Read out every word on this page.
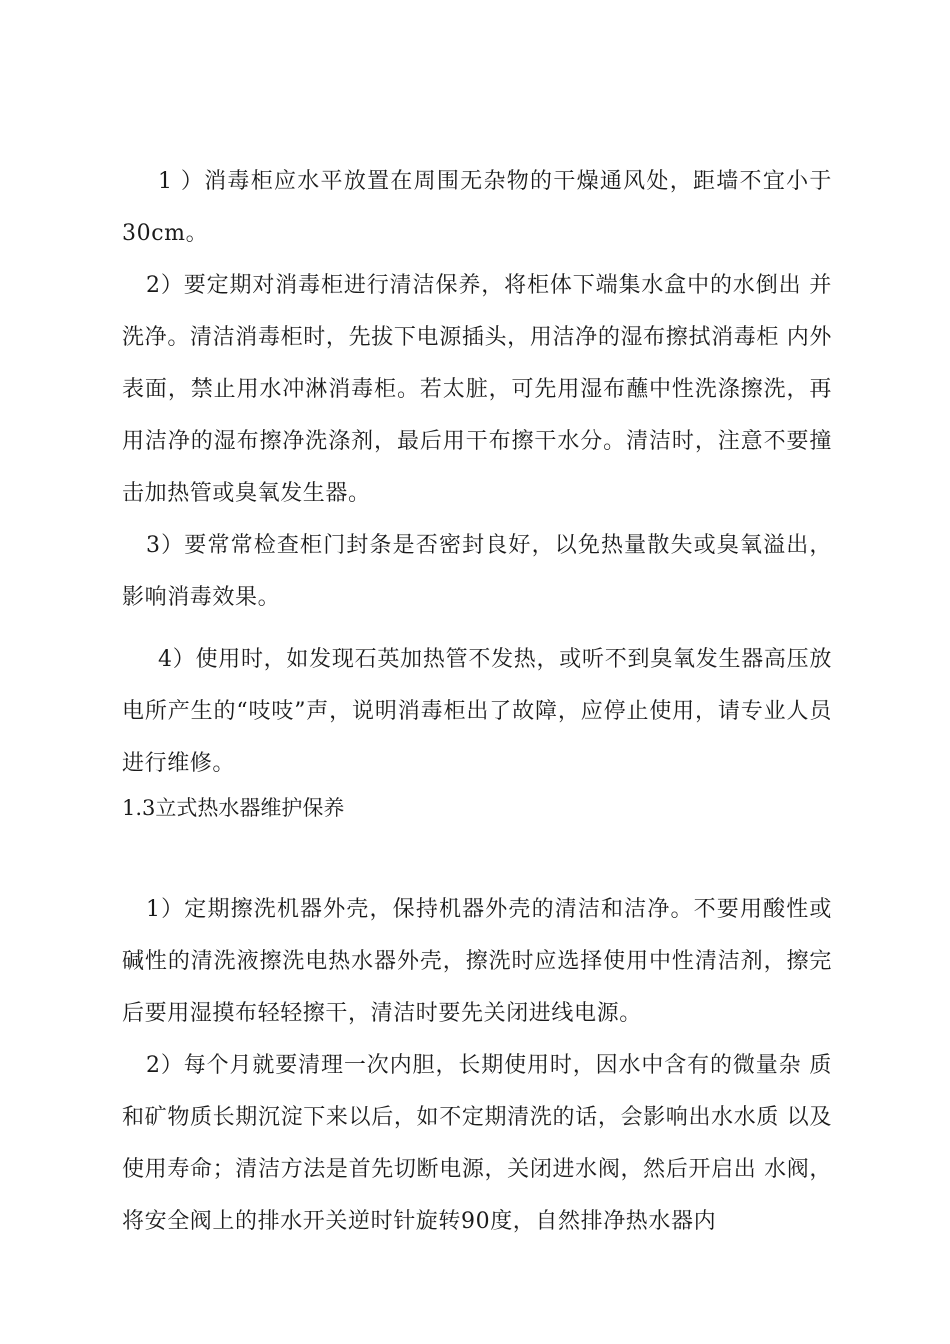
1 ）消毒柜应水平放置在周围无杂物的干燥通风处，距墙不宜小于30cm。

2）要定期对消毒柜进行清洁保养，将柜体下端集水盒中的水倒出 并洗净。清洁消毒柜时，先拔下电源插头，用洁净的湿布擦拭消毒柜 内外表面，禁止用水冲淋消毒柜。若太脏，可先用湿布蘸中性洗涤擦洗，再用洁净的湿布擦净洗涤剂，最后用干布擦干水分。清洁时，注意不要撞击加热管或臭氧发生器。

3）要常常检查柜门封条是否密封良好，以免热量散失或臭氧溢出，影响消毒效果。

4）使用时，如发现石英加热管不发热，或听不到臭氧发生器高压放电所产生的“吱吱”声，说明消毒柜出了故障，应停止使用，请专业人员进行维修。

1.3立式热水器维护保养

1）定期擦洗机器外壳，保持机器外壳的清洁和洁净。不要用酸性或碱性的清洗液擦洗电热水器外壳，擦洗时应选择使用中性清洁剂，擦完后要用湿摸布轻轻擦干，清洁时要先关闭进线电源。

2）每个月就要清理一次内胆，长期使用时，因水中含有的微量杂 质和矿物质长期沉淀下来以后，如不定期清洗的话，会影响出水水质 以及使用寿命；清洁方法是首先切断电源，关闭进水阀，然后开启出 水阀，将安全阀上的排水开关逆时针旋转90度，自然排净热水器内
